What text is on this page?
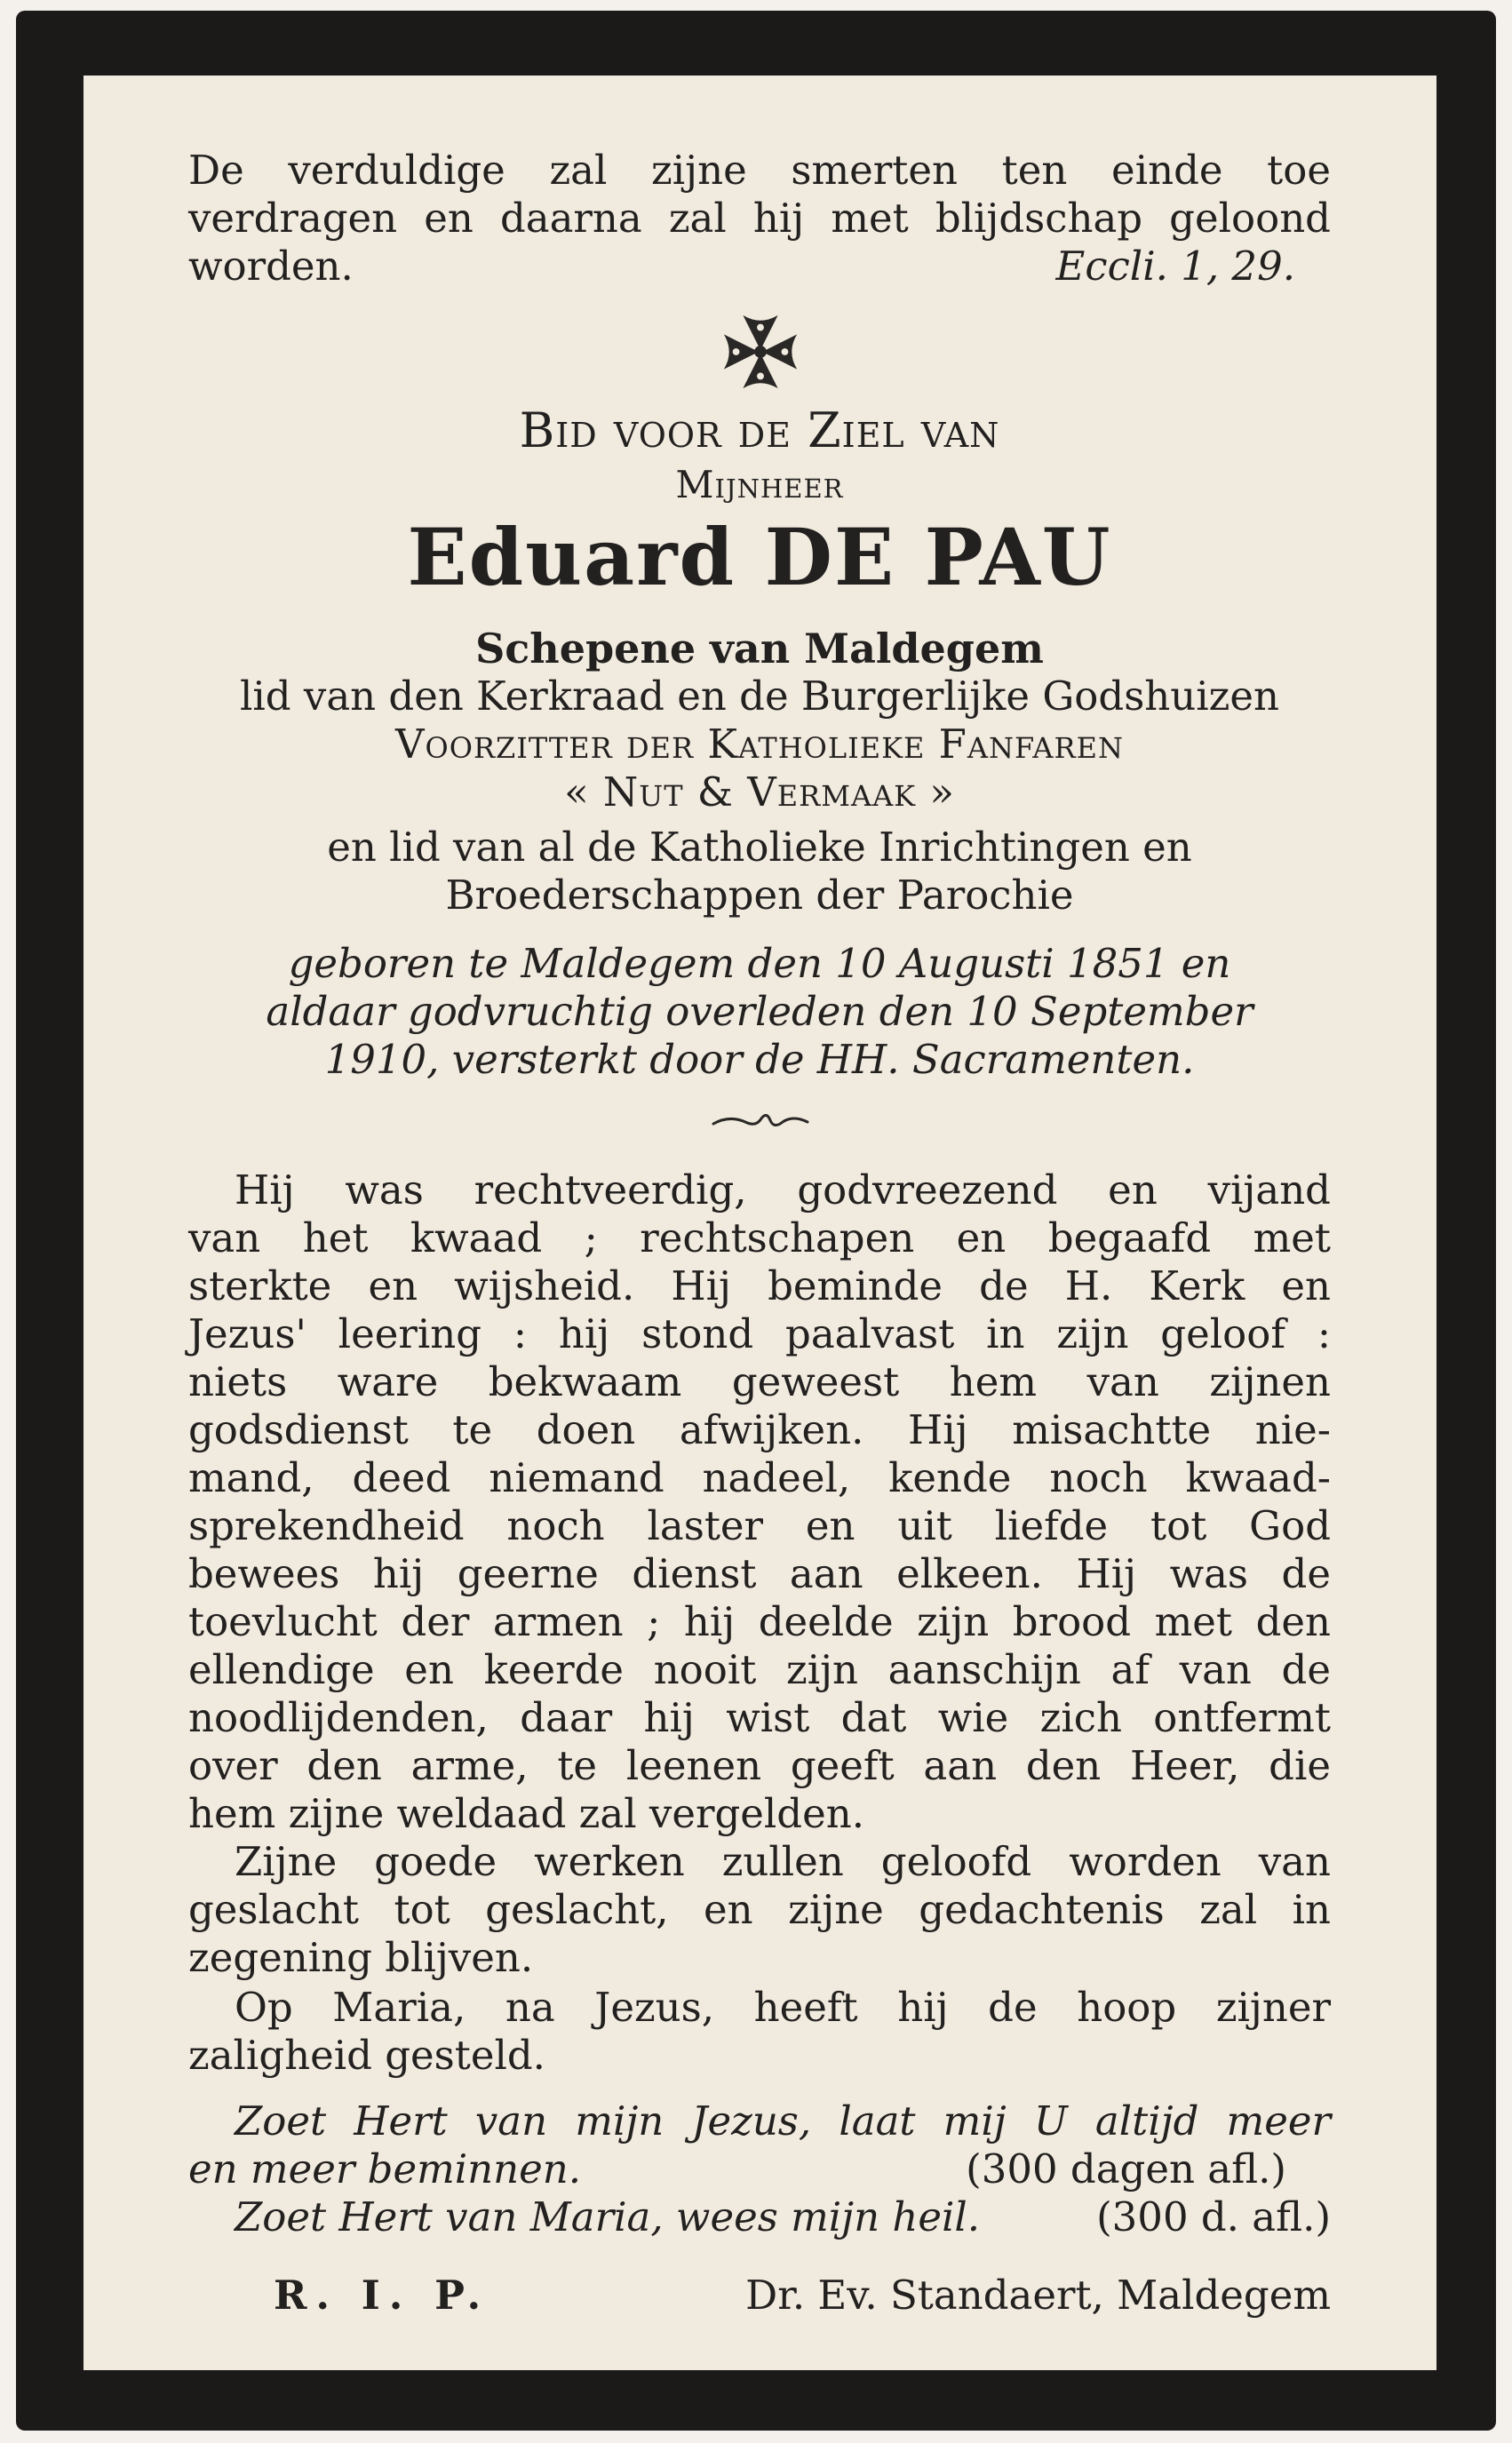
De verduldige zal zijne smerten ten einde toe
verdragen en daarna zal hij met blijdschap geloond
worden.	Eccli. 1, 29.
Bid voor de Ziel van
Mijnheer
Eduard DE PAU
Schepene van Maldegem
lid van den Kerkraad en de Burgerlijke Godshuizen
Voorzitter der Katholieke Fanfaren
« Nut & Vermaak »
en lid van al de Katholieke Inrichtingen en
Broederschappen der Parochie
geboren te Maldegem den 10 Augusti 1851 en
aldaar godvruchtig overleden den 10 September
1910, versterkt door de HH. Sacramenten.
Hij was rechtveerdig, godvreezend en vijand
van het kwaad ; rechtschapen en begaafd met
sterkte en wijsheid. Hij beminde de H. Kerk en
Jezus' leering : hij stond paalvast in zijn geloof :
niets ware bekwaam geweest hem van zijnen
godsdienst te doen afwijken. Hij misachtte nie-
mand, deed niemand nadeel, kende noch kwaad-
sprekendheid noch laster en uit liefde tot God
bewees hij geerne dienst aan elkeen. Hij was de
toevlucht der armen ; hij deelde zijn brood met den
ellendige en keerde nooit zijn aanschijn af van de
noodlijdenden, daar hij wist dat wie zich ontfermt
over den arme, te leenen geeft aan den Heer, die
hem zijne weldaad zal vergelden.
Zijne goede werken zullen geloofd worden van
geslacht tot geslacht, en zijne gedachtenis zal in
zegening blijven.
Op Maria, na Jezus, heeft hij de hoop zijner
zaligheid gesteld.
Zoet Hert van mijn Jezus, laat mij U altijd meer
en meer beminnen.	(300 dagen afl.)
Zoet Hert van Maria, wees mijn heil.	(300 d. afl.)
R. I. P.	Dr. Ev. Standaert, Maldegem
